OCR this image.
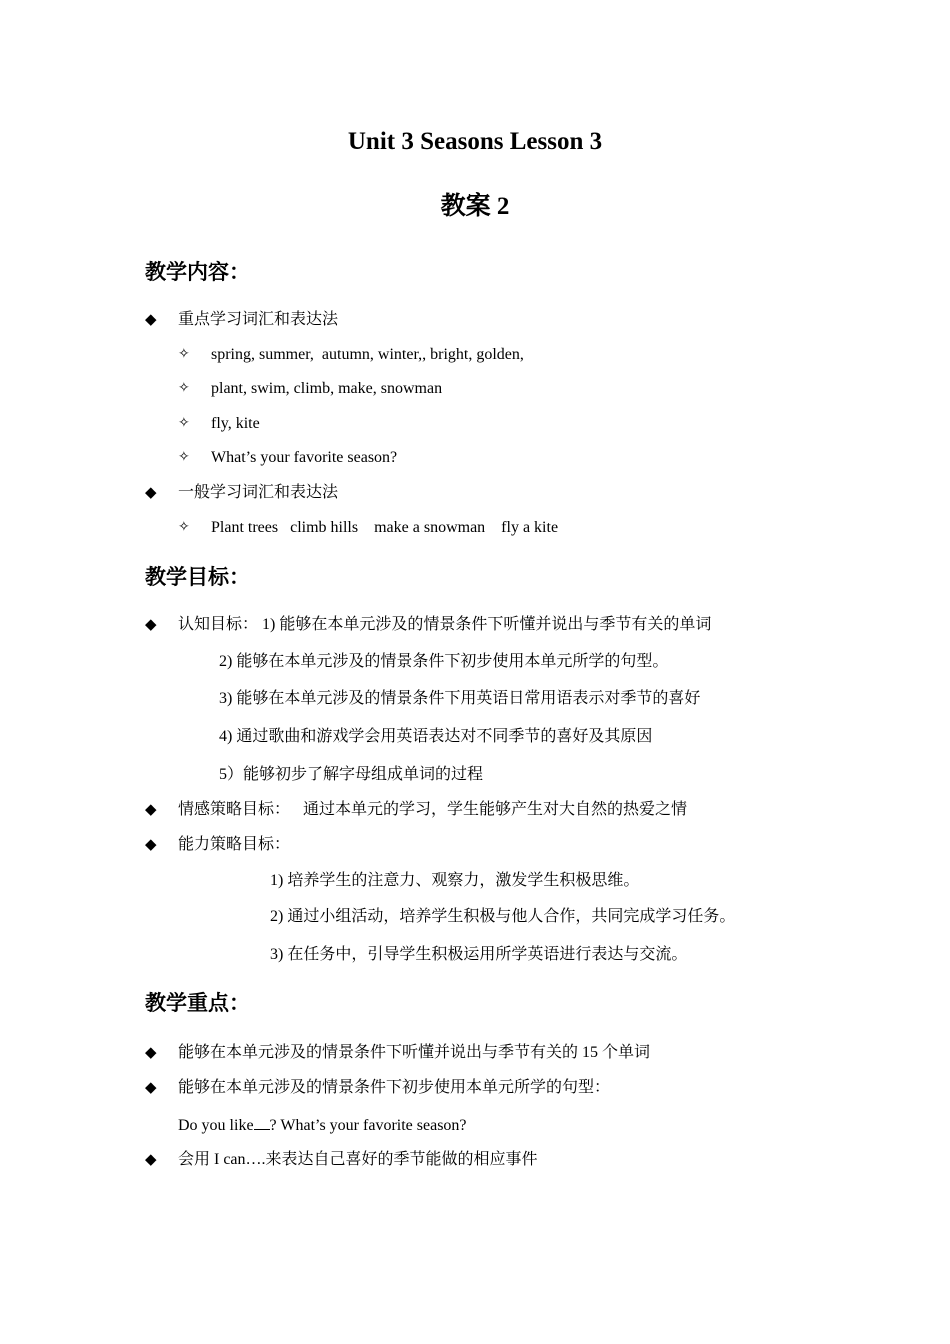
Unit 3 Seasons Lesson 3
教案 2
教学内容：
◆ 重点学习词汇和表达法
✧ spring, summer,  autumn, winter,, bright, golden,
✧ plant, swim, climb, make, snowman
✧ fly, kite
✧ What’s your favorite season?
◆ 一般学习词汇和表达法
✧ Plant trees   climb hills    make a snowman    fly a kite
教学目标：
◆ 认知目标： 1) 能够在本单元涉及的情景条件下听懂并说出与季节有关的单词
2) 能够在本单元涉及的情景条件下初步使用本单元所学的句型。
3) 能够在本单元涉及的情景条件下用英语日常用语表示对季节的喜好
4) 通过歌曲和游戏学会用英语表达对不同季节的喜好及其原因
5）能够初步了解字母组成单词的过程
◆ 情感策略目标： 通过本单元的学习，学生能够产生对大自然的热爱之情
◆ 能力策略目标：
1) 培养学生的注意力、观察力，激发学生积极思维。
2) 通过小组活动，培养学生积极与他人合作，共同完成学习任务。
3) 在任务中，引导学生积极运用所学英语进行表达与交流。
教学重点：
◆ 能够在本单元涉及的情景条件下听懂并说出与季节有关的 15 个单词
◆ 能够在本单元涉及的情景条件下初步使用本单元所学的句型：
Do you like ? What’s your favorite season?
◆ 会用 I can….来表达自己喜好的季节能做的相应事件
